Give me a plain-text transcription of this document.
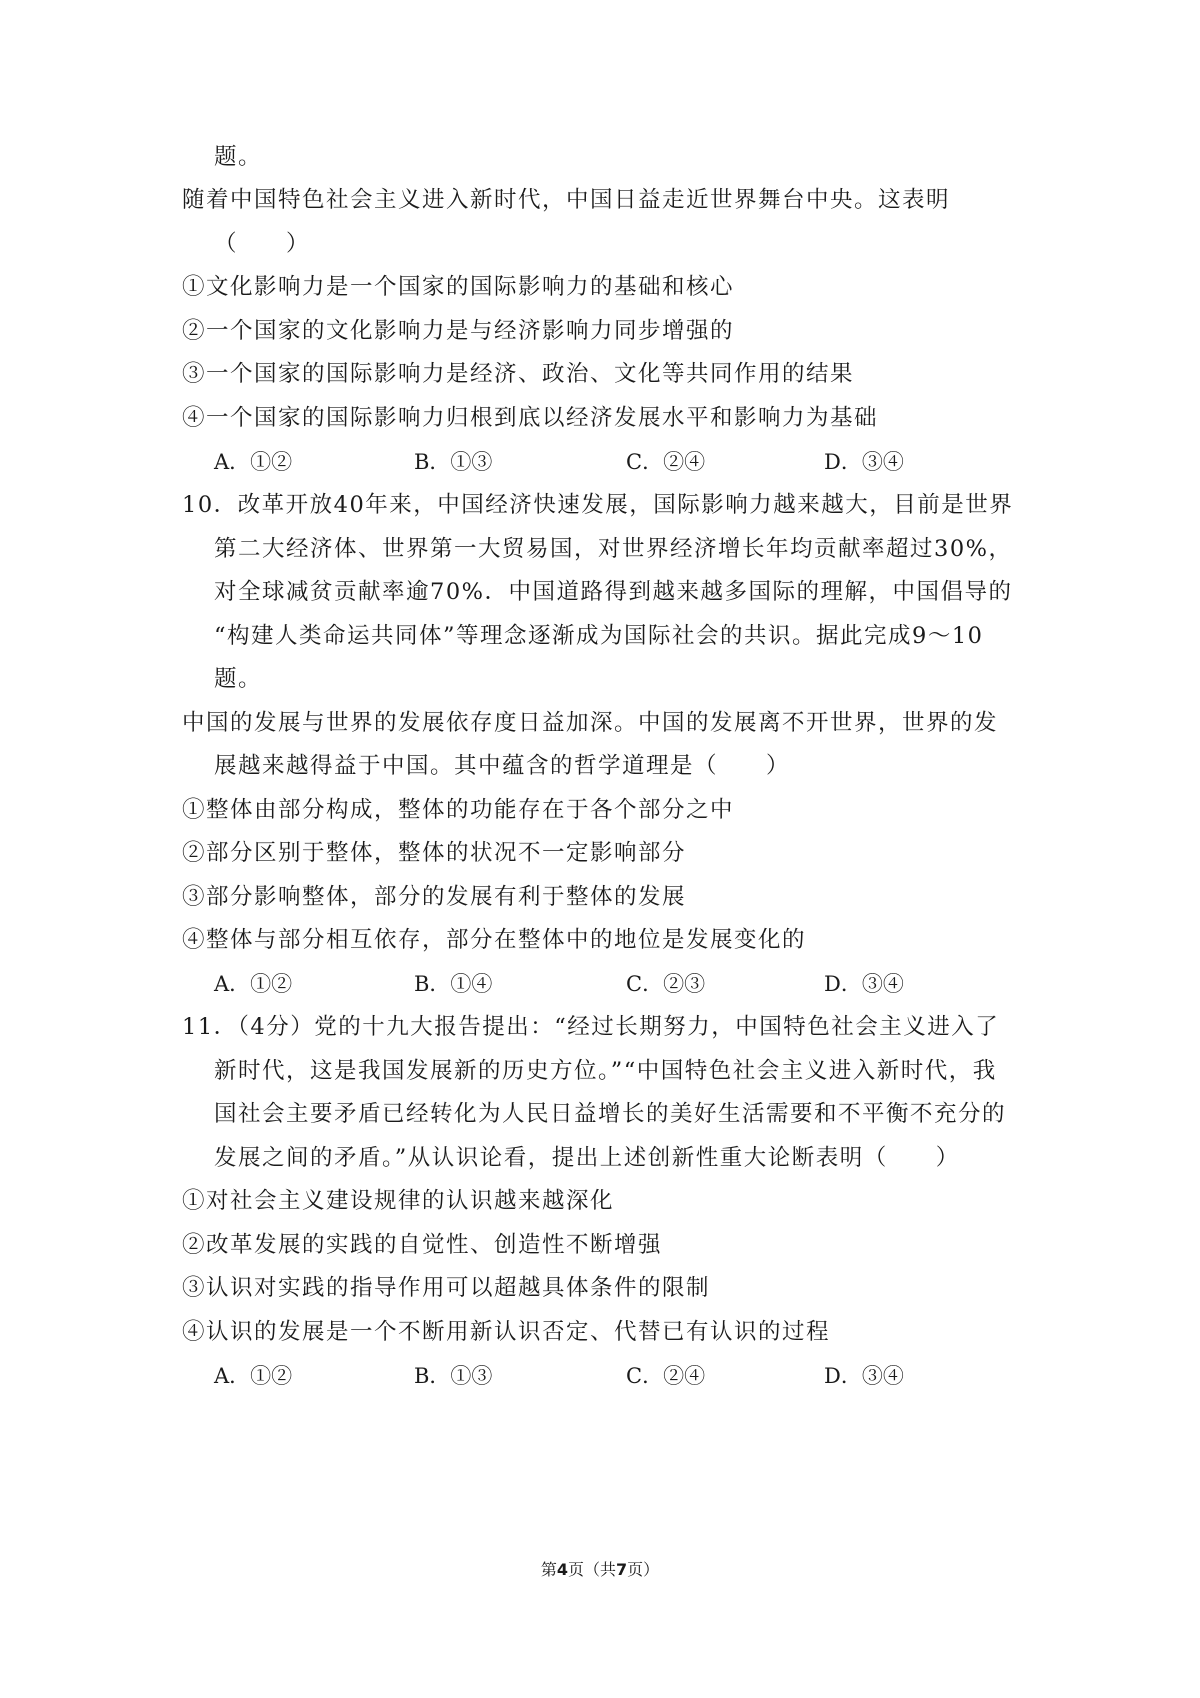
题。
随着中国特色社会主义进入新时代，中国日益走近世界舞台中央。这表明
（　　）
①文化影响力是一个国家的国际影响力的基础和核心
②一个国家的文化影响力是与经济影响力同步增强的
③一个国家的国际影响力是经济、政治、文化等共同作用的结果
④一个国家的国际影响力归根到底以经济发展水平和影响力为基础
A．①②	B．①③	C．②④	D．③④
10．改革开放40年来，中国经济快速发展，国际影响力越来越大，目前是世界
第二大经济体、世界第一大贸易国，对世界经济增长年均贡献率超过30%，
对全球减贫贡献率逾70%．中国道路得到越来越多国际的理解，中国倡导的
“构建人类命运共同体”等理念逐渐成为国际社会的共识。据此完成9～10
题。
中国的发展与世界的发展依存度日益加深。中国的发展离不开世界，世界的发
展越来越得益于中国。其中蕴含的哲学道理是（　　）
①整体由部分构成，整体的功能存在于各个部分之中
②部分区别于整体，整体的状况不一定影响部分
③部分影响整体，部分的发展有利于整体的发展
④整体与部分相互依存，部分在整体中的地位是发展变化的
A．①②	B．①④	C．②③	D．③④
11．（4分）党的十九大报告提出：“经过长期努力，中国特色社会主义进入了
新时代，这是我国发展新的历史方位。”“中国特色社会主义进入新时代，我
国社会主要矛盾已经转化为人民日益增长的美好生活需要和不平衡不充分的
发展之间的矛盾。”从认识论看，提出上述创新性重大论断表明（　　）
①对社会主义建设规律的认识越来越深化
②改革发展的实践的自觉性、创造性不断增强
③认识对实践的指导作用可以超越具体条件的限制
④认识的发展是一个不断用新认识否定、代替已有认识的过程
A．①②	B．①③	C．②④	D．③④
第4页（共7页）
